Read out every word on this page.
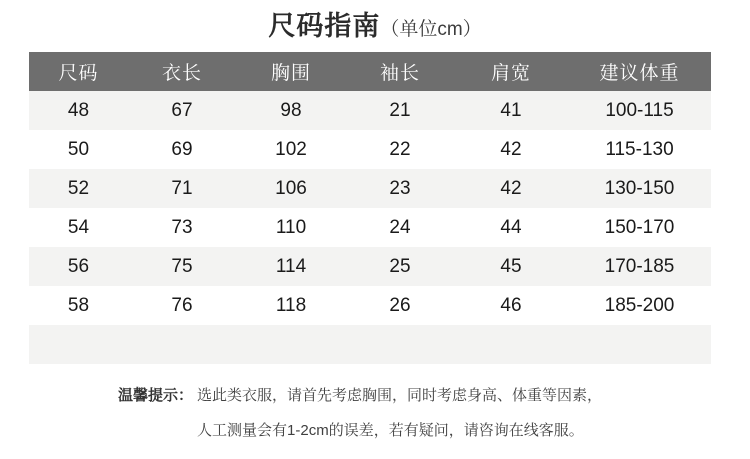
尺码指南（单位cm）
尺码	衣长	胸围	袖长	肩宽	建议体重
48	67	98	21	41	100-115
50	69	102	22	42	115-130
52	71	106	23	42	130-150
54	73	110	24	44	150-170
56	75	114	25	45	170-185
58	76	118	26	46	185-200

温馨提示： 选此类衣服，请首先考虑胸围，同时考虑身高、体重等因素，
人工测量会有1-2cm的误差，若有疑问，请咨询在线客服。
